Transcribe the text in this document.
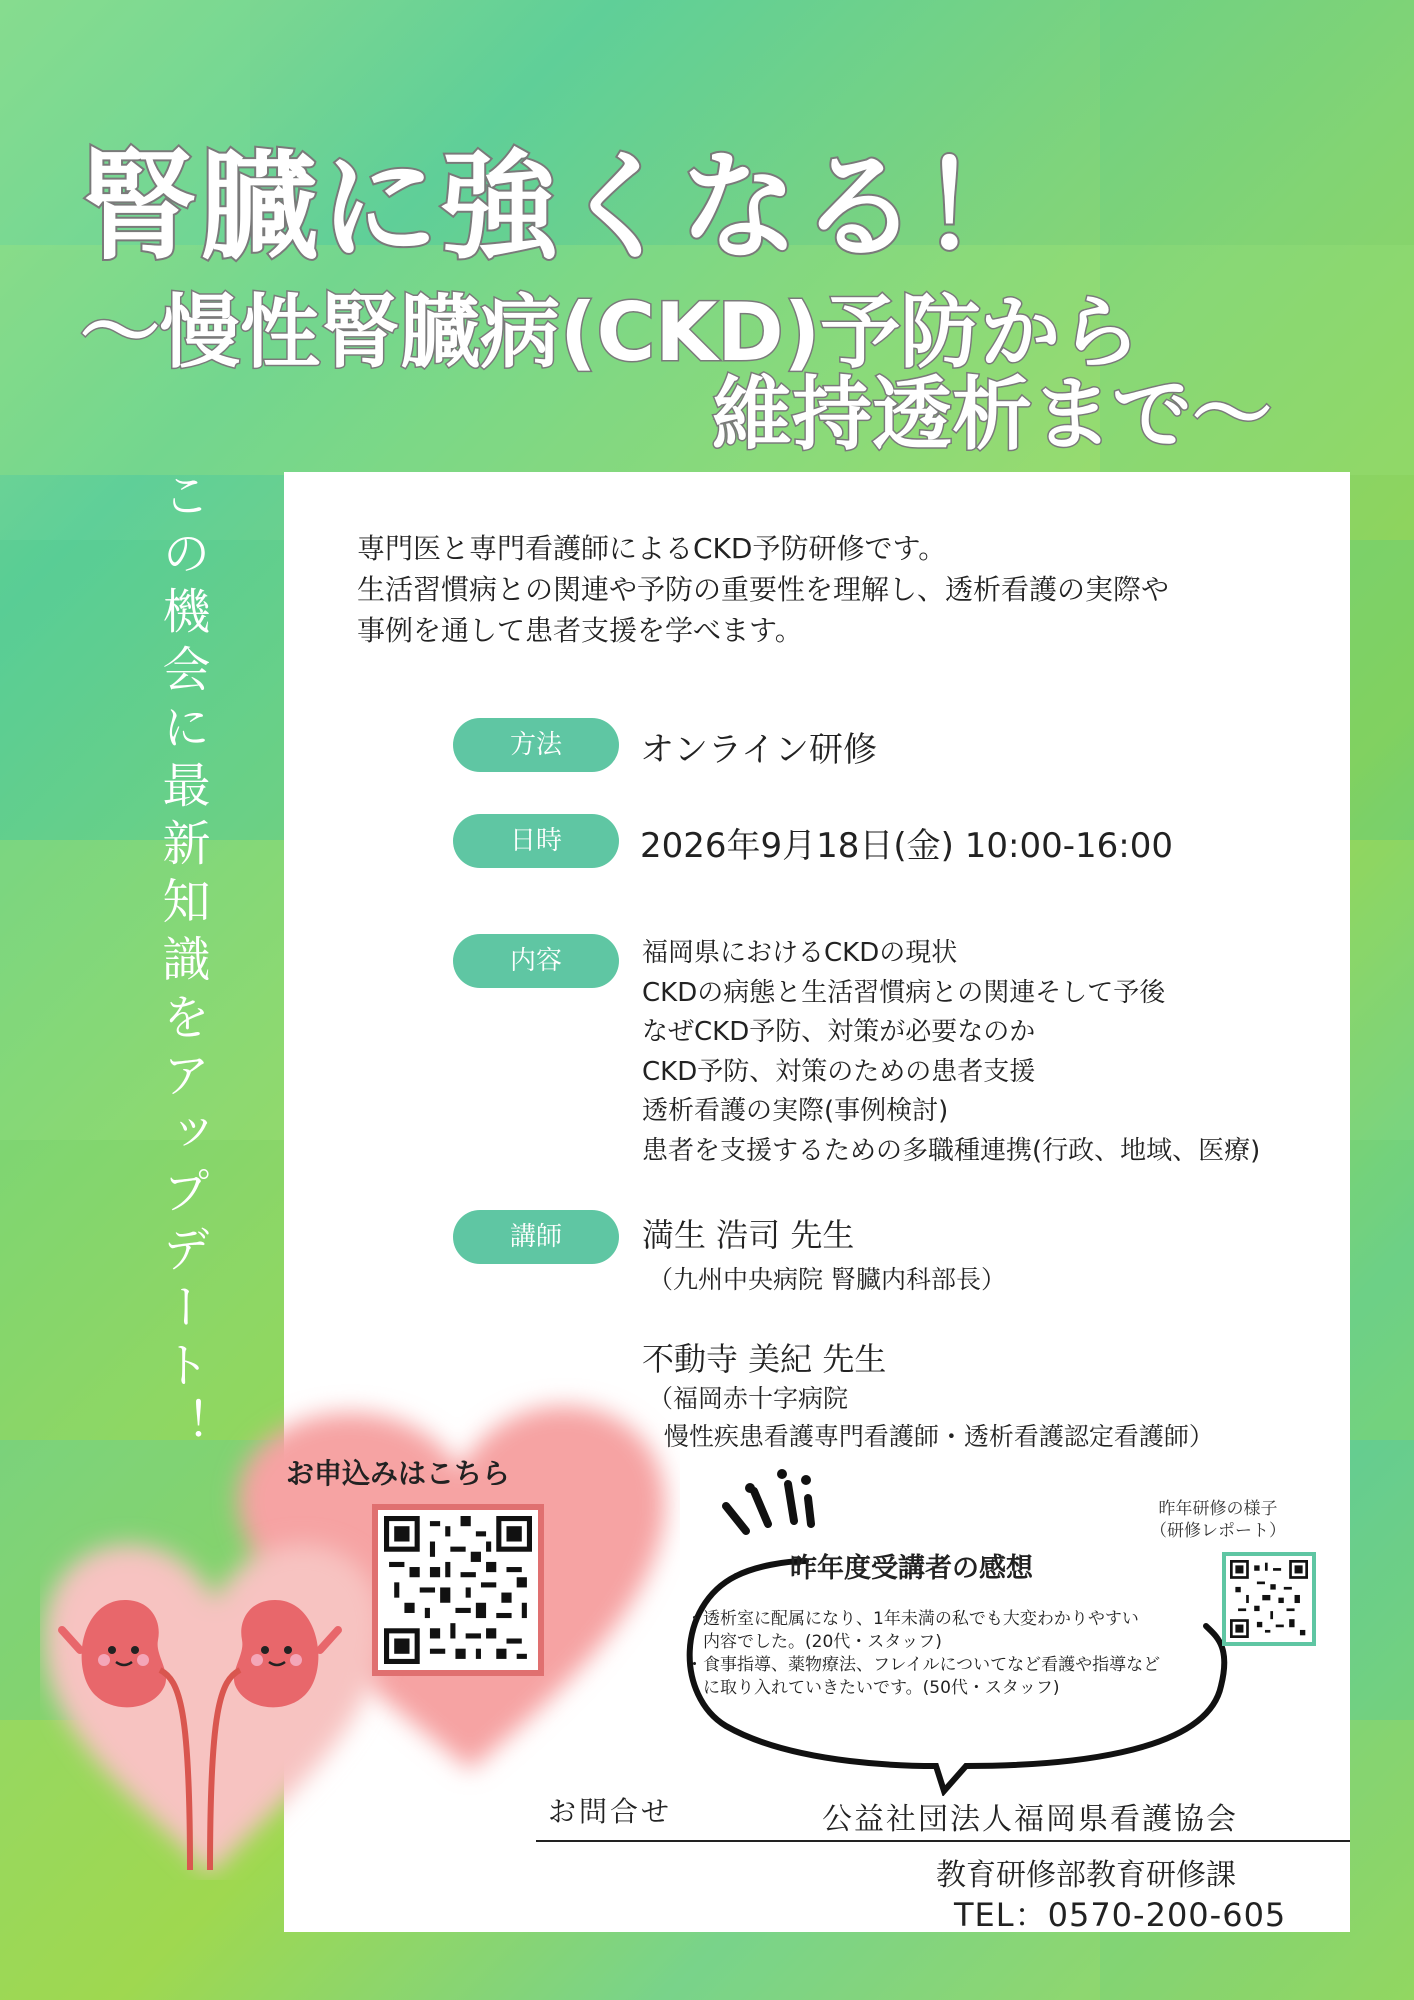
腎臓に強くなる！
～慢性腎臓病(CKD)予防から
維持透析まで～
この機会に最新知識をアップデート！	専門医と専門看護師によるCKD予防研修です。
生活習慣病との関連や予防の重要性を理解し、透析看護の実際や
事例を通して患者支援を学べます。
方法	オンライン研修
日時	2026年9月18日(金) 10:00-16:00
内容	福岡県におけるCKDの現状
CKDの病態と生活習慣病との関連そして予後
なぜCKD予防、対策が必要なのか
CKD予防、対策のための患者支援
透析看護の実際(事例検討)
患者を支援するための多職種連携(行政、地域、医療)
講師	満生 浩司 先生
（九州中央病院 腎臓内科部長）
不動寺 美紀 先生
（福岡赤十字病院
慢性疾患看護専門看護師・透析看護認定看護師）
お申込みはこちら
昨年度受講者の感想
・透析室に配属になり、1年未満の私でも大変わかりやすい
　内容でした。(20代・スタッフ)
・食事指導、薬物療法、フレイルについてなど看護や指導など
　に取り入れていきたいです。(50代・スタッフ)
昨年研修の様子
（研修レポート）
お問合せ	公益社団法人福岡県看護協会
教育研修部教育研修課
TEL：0570-200-605
